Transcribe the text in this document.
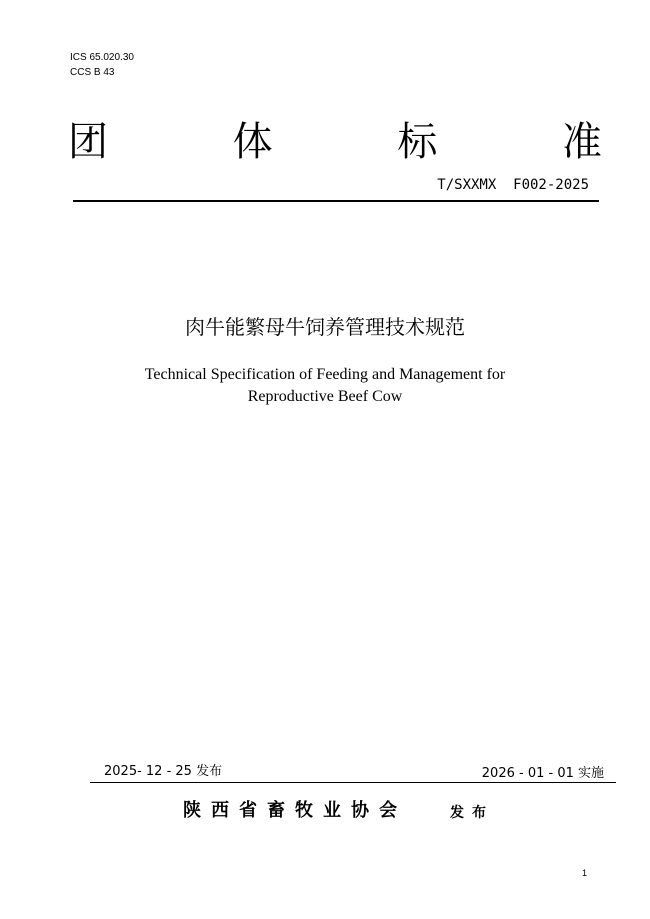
ICS 65.020.30
CCS B 43
团	体	标	准
T/SXXMX  F002-2025
肉牛能繁母牛饲养管理技术规范
Technical Specification of Feeding and Management for
Reproductive Beef Cow
2025- 12 - 25 发布	2026 - 01 - 01 实施
陕西省畜牧业协会	发布
1
